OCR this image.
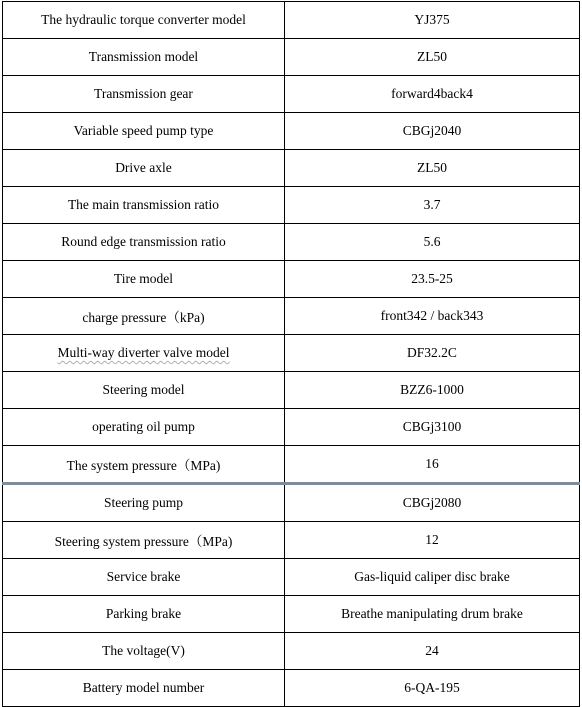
The hydraulic torque converter model	YJ375
Transmission model	ZL50
Transmission gear	forward4back4
Variable speed pump type	CBGj2040
Drive axle	ZL50
The main transmission ratio	3.7
Round edge transmission ratio	5.6
Tire model	23.5-25
charge pressure（kPa)	front342 / back343
Multi-way diverter valve model	DF32.2C
Steering model	BZZ6-1000
operating oil pump	CBGj3100
The system pressure（MPa)	16
Steering pump	CBGj2080
Steering system pressure（MPa)	12
Service brake	Gas-liquid caliper disc brake
Parking brake	Breathe manipulating drum brake
The voltage(V)	24
Battery model number	6-QA-195
